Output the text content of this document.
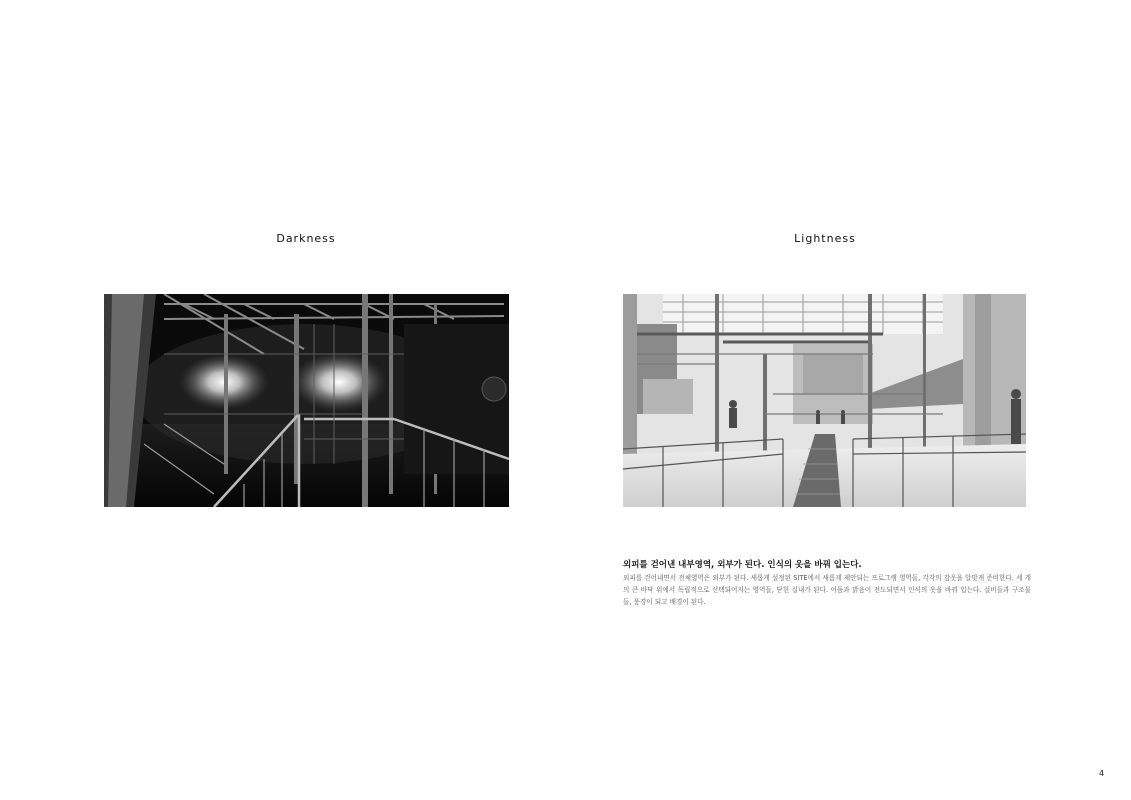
Darkness	Lightness
외피를 걷어낸 내부영역, 외부가 된다. 인식의 옷을 바꿔 입는다.
외피를 걷어내면서 전체영역은 외부가 된다. 새롭게 설정된 SITE에서 새롭게 제안되는 프로그램 영역들, 각각의 감옷을 알맞게 준비한다. 세 개의 큰 바닥 위에서 독립적으로 선택되어지는 영역들, 닫힌 실내가 된다. 어둠과 밝음이 전도되면서 인식의 옷을 바꿔 입는다. 설비들과 구조물들, 풍경이 되고 배경이 된다.
4
